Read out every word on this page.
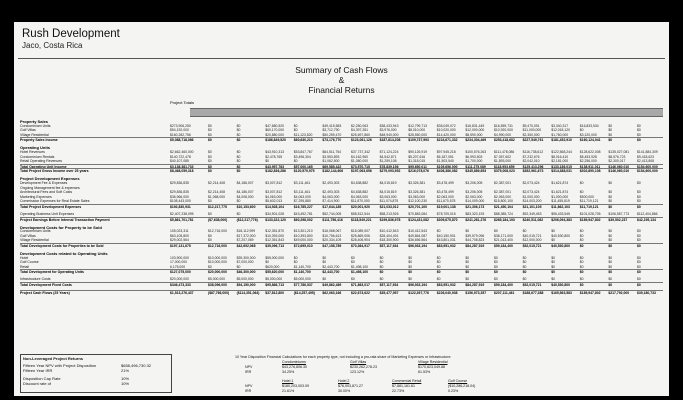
Rush Development
Jaco, Costa Rica
Summary of Cash Flows
&
Financial Returns
Project Totals
Property Sales
Condominium Units	$273,906,250	$0	$0	$47,680,520	$0	$49,415,583	$2,250,063	$38,433,943	$12,799,713	$35,049,072	$16,831,449	$16,559,731	$9,470,091	$3,340,317	$16,833,534	$0	$0
Golf Villas	$54,192,000	$0	$0	$60,170,000	$0	$3,712,790	$4,397,281	$3,976,000	$8,010,000	$10,020,000	$12,000,000	$10,920,000	$11,000,000	$12,018,120	$0	$0	$0
Village Residential	$160,282,756	$0	$0	$20,880,000	$11,123,520	$50,259,470	$25,697,860	$48,940,000	$28,550,000	$14,420,000	$8,590,000	$4,990,000	$2,350,000	$1,760,000	$3,120,000	$0	$0
Property Sales Income	$5,088,718,086	$0	$0	$186,849,520 $60,630,210	$73,176,770	$123,061,126 $187,814,208 $109,737,993 $224,671,332 $234,304,469 $253,418,682 $227,549,761 $181,452,910 $160,124,041 $0	$0
Operating Units
Hotel Revenues	$2,662,460,000	$0	$0	$43,910,313	$53,847,767	$64,511,754	$37,737,342	$71,124,224	$90,126,919	$97,945,218	$100,576,263 $111,478,086 $116,738,612 $122,568,244 $128,622,008 $135,027,081 $141,884,309
Condominium Rentals	$140,722,478	$0	$0	$2,478,765	$3,496,304	$3,553,893	$4,162,960	$4,542,871	$5,207,616	$6,187,051	$6,993,503	$7,057,602	$7,232,676	$8,016,410	$8,453,928	$8,576,723	$9,418,623
Retail Operating Revenues	$40,107,085	$0	$0	$0	$0	$1,062,500	$1,080,000	$1,259,108	$1,318,015	$1,503,540	$1,700,000	$1,893,000	$2,042,010	$2,181,000	$2,256,000	$2,300,017	$2,413,808
Total Operating Unit Income	$3,138,381,733	$0	$0	$43,957,763	$57,000,165	$69,585,422	$73,570,715	$78,839,156	$95,650,011	$105,656,000 $111,275,089 $118,953,659 $125,413,296 $133,186,015 $138,911,011 $146,060,010 $154,600,000
Total Project Gross Income over 25 years	$8,468,059,318	$0	$0	$182,836,286 $120,579,975 $182,144,606 $197,063,656 $279,093,952 $216,078,076 $408,386,082 $345,889,653 $375,008,023 $352,961,673 $314,388,031 $302,890,108 $146,060,010 $154,600,000
Project Development Expenses
Development Fee & Expenses	$29,836,835	$2,214,408	$4,186,007	$3,007,812	$3,111,461	$2,493,303	$4,638,882	$4,015,819	$3,326,381	$3,478,499	$3,206,005	$2,387,001	$2,073,424	$1,621,874	$0	$0	$0
Ongoing Management fee & expenses
Architectural Fees and Soft Costs	$29,836,835	$2,214,408	$4,186,007	$3,007,812	$3,111,461	$2,493,303	$4,638,882	$4,015,819	$3,326,381	$3,478,499	$3,206,005	$2,387,001	$2,073,424	$1,621,874	$0	$0	$0
Marketing Expenses	$36,966,000	$1,068,000	$4,008,000	$4,063,000	$4,063,000	$4,063,000	$4,063,000	$3,063,000	$3,063,000	$2,063,000	$2,063,000	$2,063,000	$1,000,000	$1,000,000	$500,000	$0	$0
Commission Expenses for Real Estate Sales	$108,443,000	$0	$0	$5,602,013	$7,295,880	$7,414,900	$11,870,000	$11,074,875	$12,100,230	$11,670,578	$14,009,000	$15,800,100	$14,003,200	$11,455,819	$11,719,121	$0	$0
Total Project Development Expenses	$192,830,931	$12,217,775	$10,153,600	$14,928,104	$16,785,227	$17,644,185	$20,001,920	$21,033,012	$20,701,100	$19,001,138	$21,306,173	$21,450,104	$21,101,105	$11,862,103	$11,719,121	$0	$0
Operating Business Unit Expenses	$2,407,238,095	$0	$0	$34,901,028	$43,492,781	$52,744,005	$58,512,544	$58,213,926	$70,883,084	$78,709,015	$83,320,193	$88,385,724	$92,349,453	$96,433,545	$101,028,705 $106,557,773 $112,404,866
Project Earnings Before Internal Transaction Payment	$5,861,701,781	($7,638,000)	($12,217,776) $133,322,120 $60,298,002	$111,756,416 $118,549,221 $199,836,978 $124,431,082 $309,675,870 $241,261,276 $265,184,193 $240,511,082 $206,094,383 $189,947,802 $39,502,237	$42,195,134
Development Costs for Property to be Sold
Condominium Units	105,023,311	$12,716,000	$18,112,999	$12,351,870	$13,301,210	$16,068,067	$16,089,007	$10,412,543	$10,412,543	$0	$0	$0	$0	$0	$0	$0	$0
Golf Villas	$63,105,800	$0	$17,372,000	$10,393,000	$10,393,800	$10,756,613	$25,869,006	$28,404,491	$49,864,087	$40,150,901	$39,579,096	$38,171,000	$40,015,721	$40,530,800	$0	$0	$0
Village Residential	$29,002,564	$0	$7,207,069	$12,351,843	$49,000,000	$20,334,109	$28,406,904	$18,300,900	$36,656,564	$43,801,031	$44,708,823	$21,013,400	$12,000,000	$0	$0	$0	$0
Total Development Costs for Properties to be Sold	$197,131,675	$12,716,000	$42,692,068	$35,096,713	$72,695,010	$47,158,789	$70,364,917	$57,117,934	$96,933,194	$83,951,932	$84,287,919	$59,184,400	$52,015,721	$40,530,800	$0	$0	$0
Development Costs related to Operating Units
Hotel	103,900,000	$10,000,000	$39,300,000	$55,000,000	$0	$0	$0	$0	$0	$0	$0	$0	$0	$0	$0	$0	$0
Golf Course	17,000,000	$10,000,000	$7,000,000	$0	$0	$0	$0	$0	$0	$0	$0	$0	$0	$0	$0	$0	$0
Retail	6,175,000	$0	$0	$620,000	$1,140,700	$2,443,700	$1,498,100	$0	$0	$0	$0	$0	$0	$0	$0	$0	$0
Total Development for Operating Units	$127,075,000	$20,000,000	$46,300,000	$55,620,000	$1,140,700	$2,443,700	$1,498,100	$0	$0	$0	$0	$0	$0	$0	$0	$0	$0
Infrastructure Costs	$20,000,000	$5,000,000	$5,000,000	$5,000,000	$5,000,000	$0	$0	$0	$0	$0	$0	$0	$0	$0	$0	$0	$0
Total Development Fixed Costs	$346,473,333	$38,096,000	$94,150,000	$95,866,713	$77,786,537	$49,862,489	$71,863,017	$57,117,934	$96,933,194	$83,951,932	$84,287,919	$59,184,400	$52,015,721	$40,530,800	$0	$0	$0
Project Cash Flows (25 Years)	$1,513,276,437	($87,766,000) ($114,351,064) $37,812,800	($14,257,495) $62,063,166	$22,673,622	$35,477,957	$122,397,776 $226,040,938 $156,973,357 $207,111,461 $188,677,388 $165,563,583 $189,947,802 $217,792,000 $39,180,733
Non-Leveraged Project Returns
Fifteen Year NPV with Project Disposition	$658,496,730.32
Fifteen Year IRR	21%
Disposition Cap Rate	10%
Discount rate of	10%
10 Year Disposition Financial Calculations for each property type, not including a pro-rata share of Marketing Expenses or Infrastructure:
Condominiums	Golf Villas	Village Residential
NPV	$43,276,806.30	$230,262,278.23	$170,823,049.88
IRR	34.25%	123.12%	61.53%
Hotel 1	Hotel 2	Commercial Retail	Golf Course
NPV	$180,203,003.09	$76,003,871.27	$7,881,161.61	($10,286,218.04)
IRR	21.61%	30.00%	22.73%	0.23%
